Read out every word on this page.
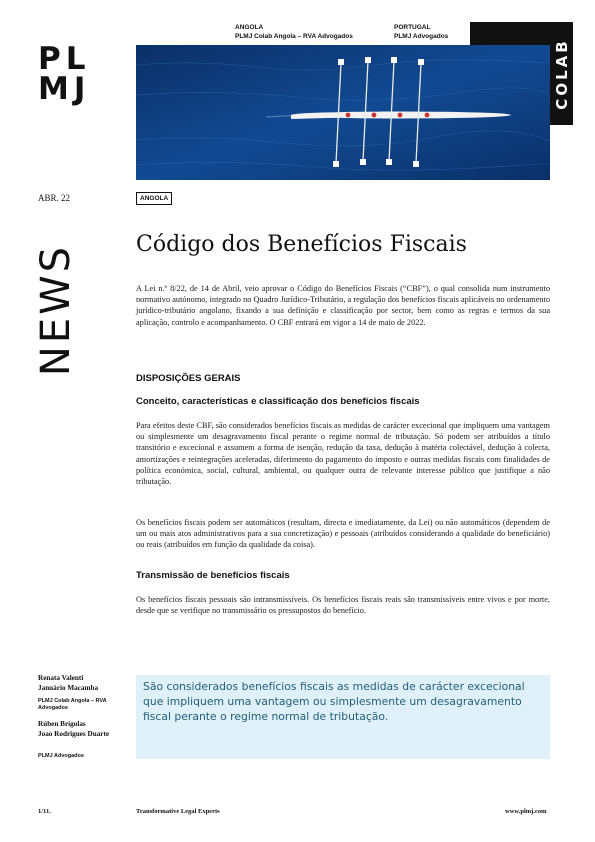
PL
MJ
ANGOLA
PLMJ Colab Angola – RVA Advogados
PORTUGAL
PLMJ Advogados
COLAB
ABR. 22	ANGOLA
NEWS	Código dos Benefícios Fiscais
A Lei n.º 8/22, de 14 de Abril, veio aprovar o Código do Benefícios Fiscais (“CBF”), o qual consolida num instrumento normativo autónomo, integrado no Quadro Jurídico-Tributário, a regulação dos benefícios fiscais aplicáveis no ordenamento jurídico-tributário angolano, fixando a sua definição e classificação por sector, bem como as regras e termos da sua aplicação, controlo e acompanhamento. O CBF entrará em vigor a 14 de maio de 2022.
DISPOSIÇÕES GERAIS
Conceito, características e classificação dos benefícios fiscais
Para efeitos deste CBF, são considerados benefícios fiscais as medidas de carácter excecional que impliquem uma vantagem ou simplesmente um desagravamento fiscal perante o regime normal de tributação. Só podem ser atribuídos a título transitório e excecional e assumem a forma de isenção, redução da taxa, dedução à matéria colectável, dedução à colecta, amortizações e reintegrações aceleradas, diferimento do pagamento do imposto e outras medidas fiscais com finalidades de política económica, social, cultural, ambiental, ou qualquer outra de relevante interesse público que justifique a não tributação.
Os benefícios fiscais podem ser automáticos (resultam, directa e imediatamente, da Lei) ou não automáticos (dependem de um ou mais atos administrativos para a sua concretização) e pessoais (atribuídos considerando a qualidade do beneficiário) ou reais (atribuídos em função da qualidade da coisa).
Transmissão de benefícios fiscais
Os benefícios fiscais pessoais são intransmissíveis. Os benefícios fiscais reais são transmissíveis entre vivos e por morte, desde que se verifique no transmissário os pressupostos do benefício.
Renata Valenti
Januário Macamba
PLMJ Colab Angola – RVA Advogados
Rúben Brígolas
Joao Rodrigues Duarte
PLMJ Advogados
São considerados benefícios fiscais as medidas de carácter excecional que impliquem uma vantagem ou simplesmente um desagravamento fiscal perante o regime normal de tributação.
1/11.	Transformative Legal Experts	www.plmj.com
